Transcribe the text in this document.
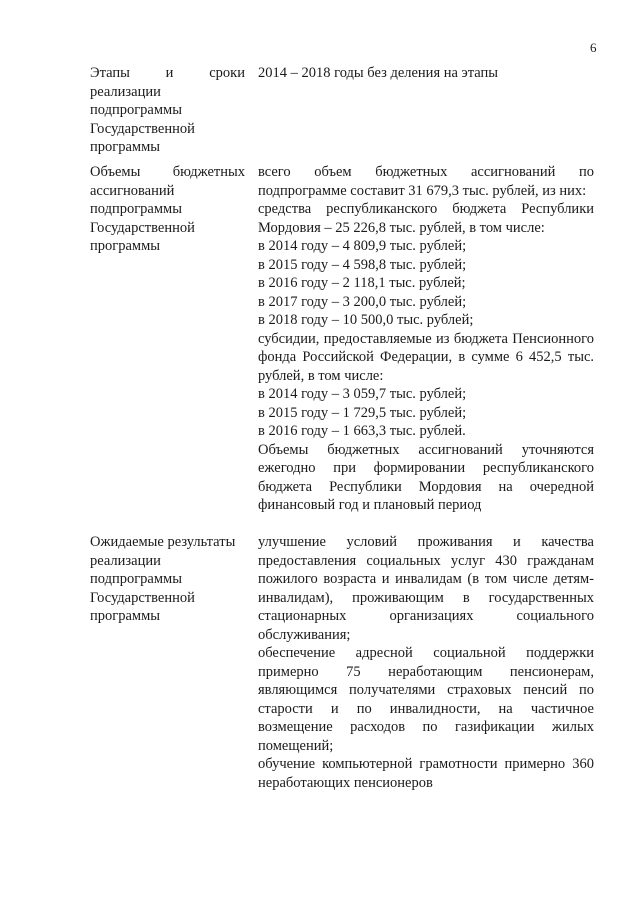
6
Этапы и сроки
реализации
подпрограммы
Государственной
программы

2014 – 2018 годы без деления на этапы

Объемы бюджетных
ассигнований
подпрограммы
Государственной
программы

всего объем бюджетных ассигнований по подпрограмме составит 31 679,3 тыс. рублей, из них:

средства республиканского бюджета Республики Мордовия – 25 226,8 тыс. рублей, в том числе:

в 2014 году – 4 809,9 тыс. рублей;

в 2015 году – 4 598,8 тыс. рублей;

в 2016 году – 2 118,1 тыс. рублей;

в 2017 году – 3 200,0 тыс. рублей;

в 2018 году – 10 500,0 тыс. рублей;

субсидии, предоставляемые из бюджета Пенсионного фонда Российской Федерации, в сумме 6 452,5 тыс. рублей, в том числе:

в 2014 году – 3 059,7 тыс. рублей;

в 2015 году – 1 729,5 тыс. рублей;

в 2016 году – 1 663,3 тыс. рублей.

Объемы бюджетных ассигнований уточняются ежегодно при формировании республиканского бюджета Республики Мордовия на очередной финансовый год и плановый период

Ожидаемые результаты
реализации
подпрограммы
Государственной
программы

улучшение условий проживания и качества предоставления социальных услуг 430 гражданам пожилого возраста и инвалидам (в том числе детям-инвалидам), проживающим в государственных стационарных организациях социального обслуживания;

обеспечение адресной социальной поддержки примерно 75 неработающим пенсионерам, являющимся получателями страховых пенсий по старости и по инвалидности, на частичное возмещение расходов по газификации жилых помещений;

обучение компьютерной грамотности примерно 360 неработающих пенсионеров
